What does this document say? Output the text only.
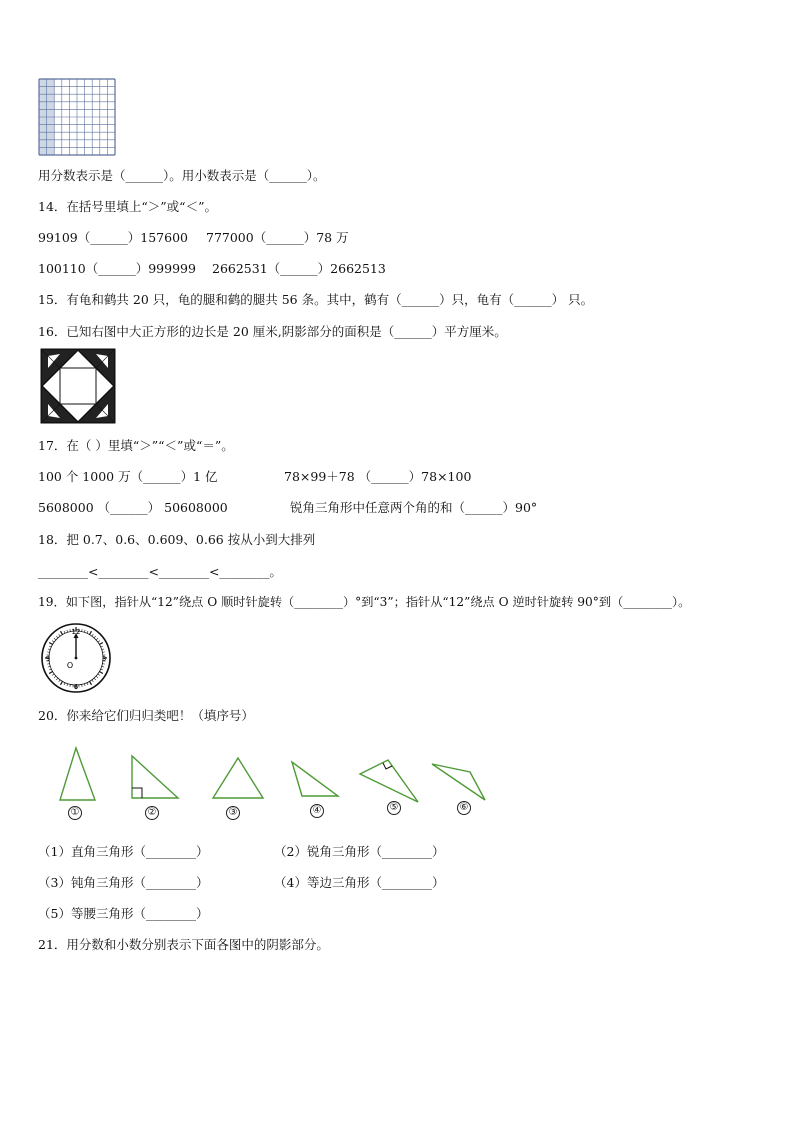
用分数表示是（______）。用小数表示是（______）。
14．在括号里填上“＞”或“＜”。
99109（______）157600 777000（______）78 万
100110（______）999999 2662531（______）2662513
15．有龟和鹤共 20 只，龟的腿和鹤的腿共 56 条。其中，鹤有（______）只，龟有（______） 只。
16．已知右图中大正方形的边长是 20 厘米,阴影部分的面积是（______）平方厘米。
17．在（ ）里填“＞”“＜”或“＝”。
100 个 1000 万（______）1 亿	78×99＋78 （______）78×100
5608000 （______） 50608000	锐角三角形中任意两个角的和（______）90°
18．把 0.7、0.6、0.609、0.66 按从小到大排列
________<________<________<________。
19．如下图，指针从“12”绕点 O 顺时针旋转（________）°到“3”；指针从“12”绕点 O 逆时针旋转 90°到（________）。
12
3
6
9
O
20．你来给它们归归类吧！（填序号）
①	②	③	④	⑤	⑥
（1）直角三角形（________）	（2）锐角三角形（________）
（3）钝角三角形（________）	（4）等边三角形（________）
（5）等腰三角形（________）
21．用分数和小数分别表示下面各图中的阴影部分。
